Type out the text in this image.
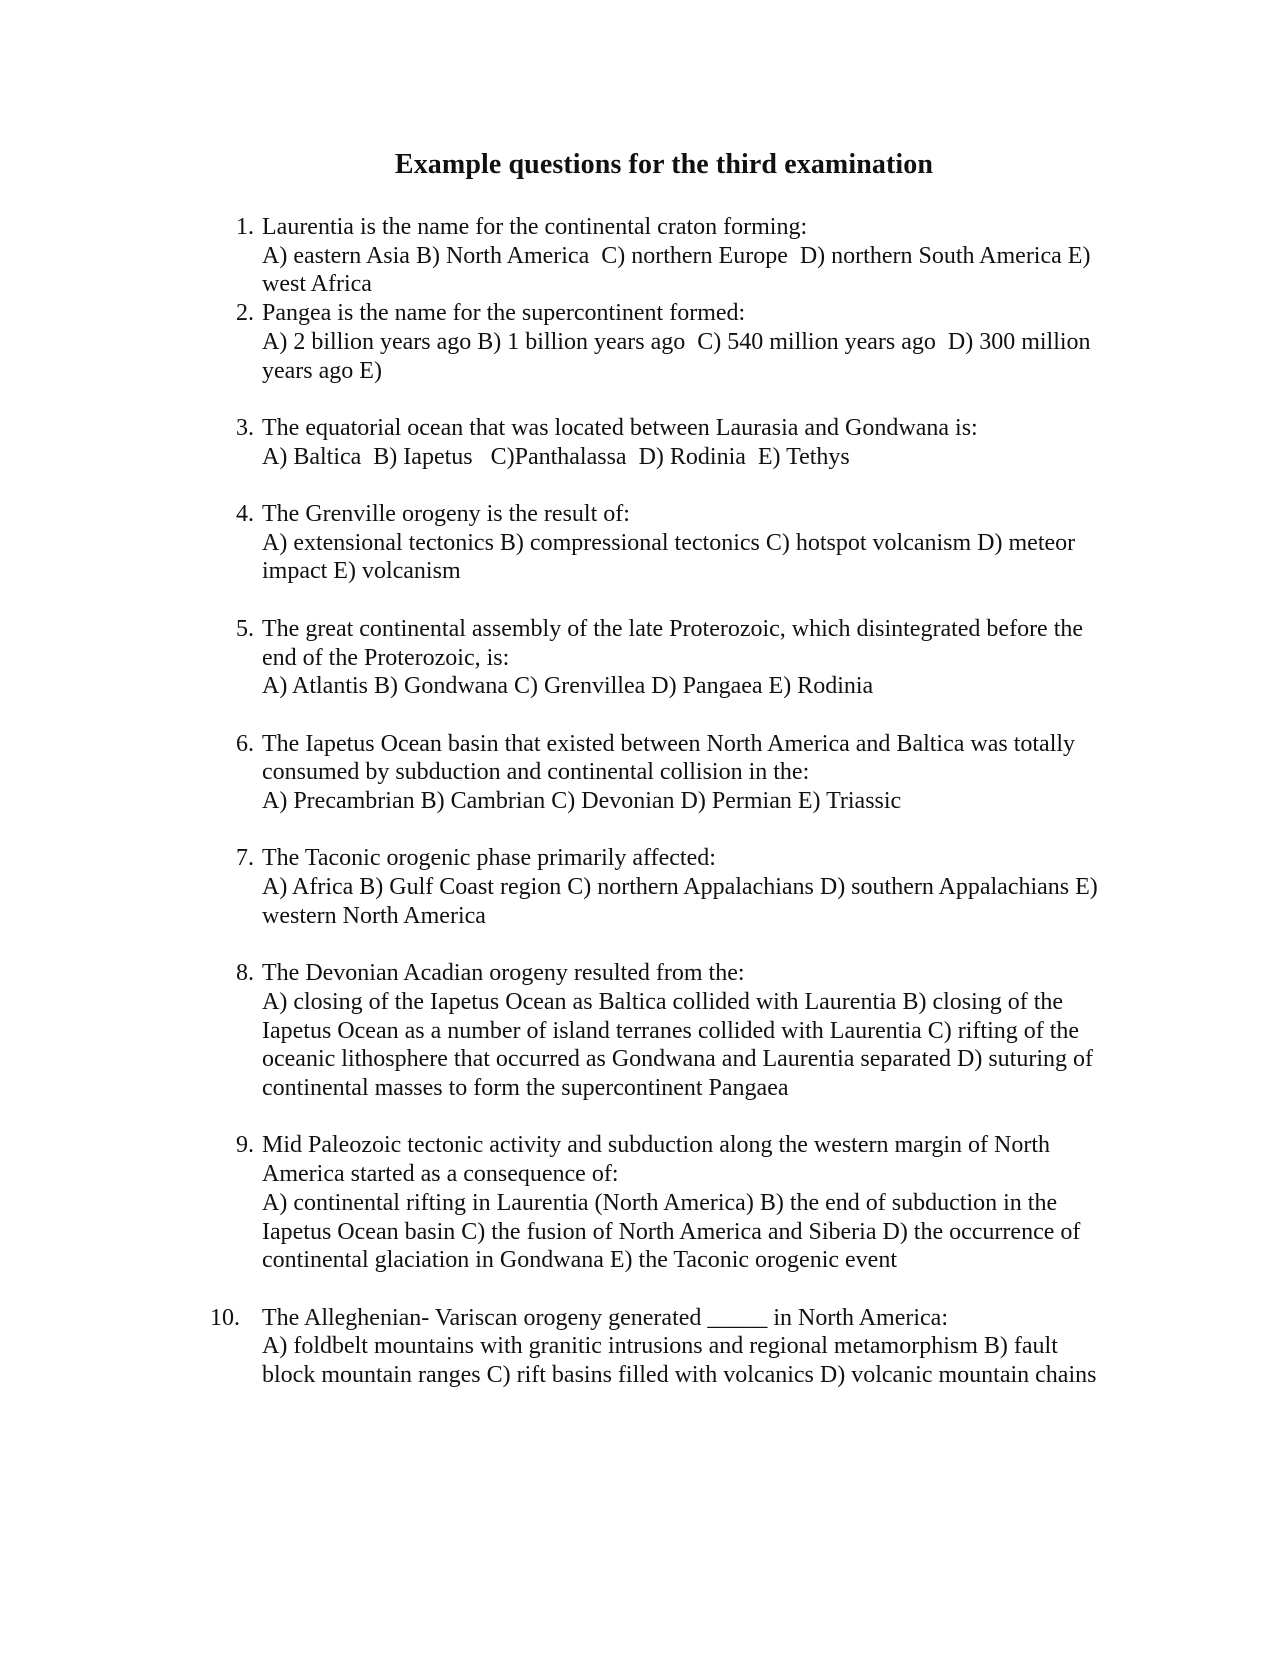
Example questions for the third examination
1. Laurentia is the name for the continental craton forming:
A) eastern Asia B) North America  C) northern Europe  D) northern South America E) west Africa
2. Pangea is the name for the supercontinent formed:
A) 2 billion years ago B) 1 billion years ago  C) 540 million years ago  D) 300 million years ago E)
3. The equatorial ocean that was located between Laurasia and Gondwana is:
A) Baltica  B) Iapetus   C)Panthalassa  D) Rodinia  E) Tethys
4. The Grenville orogeny is the result of:
A) extensional tectonics B) compressional tectonics C) hotspot volcanism D) meteor impact E) volcanism
5. The great continental assembly of the late Proterozoic, which disintegrated before the end of the Proterozoic, is:
A) Atlantis B) Gondwana C) Grenvillea D) Pangaea E) Rodinia
6. The Iapetus Ocean basin that existed between North America and Baltica was totally consumed by subduction and continental collision in the:
A) Precambrian B) Cambrian C) Devonian D) Permian E) Triassic
7. The Taconic orogenic phase primarily affected:
A) Africa B) Gulf Coast region C) northern Appalachians D) southern Appalachians E) western North America
8. The Devonian Acadian orogeny resulted from the:
A) closing of the Iapetus Ocean as Baltica collided with Laurentia B) closing of the Iapetus Ocean as a number of island terranes collided with Laurentia C) rifting of the oceanic lithosphere that occurred as Gondwana and Laurentia separated D) suturing of continental masses to form the supercontinent Pangaea
9. Mid Paleozoic tectonic activity and subduction along the western margin of North America started as a consequence of:
A) continental rifting in Laurentia (North America) B) the end of subduction in the Iapetus Ocean basin C) the fusion of North America and Siberia D) the occurrence of continental glaciation in Gondwana E) the Taconic orogenic event
10. The Alleghenian- Variscan orogeny generated _____ in North America:
A) foldbelt mountains with granitic intrusions and regional metamorphism B) fault block mountain ranges C) rift basins filled with volcanics D) volcanic mountain chains
